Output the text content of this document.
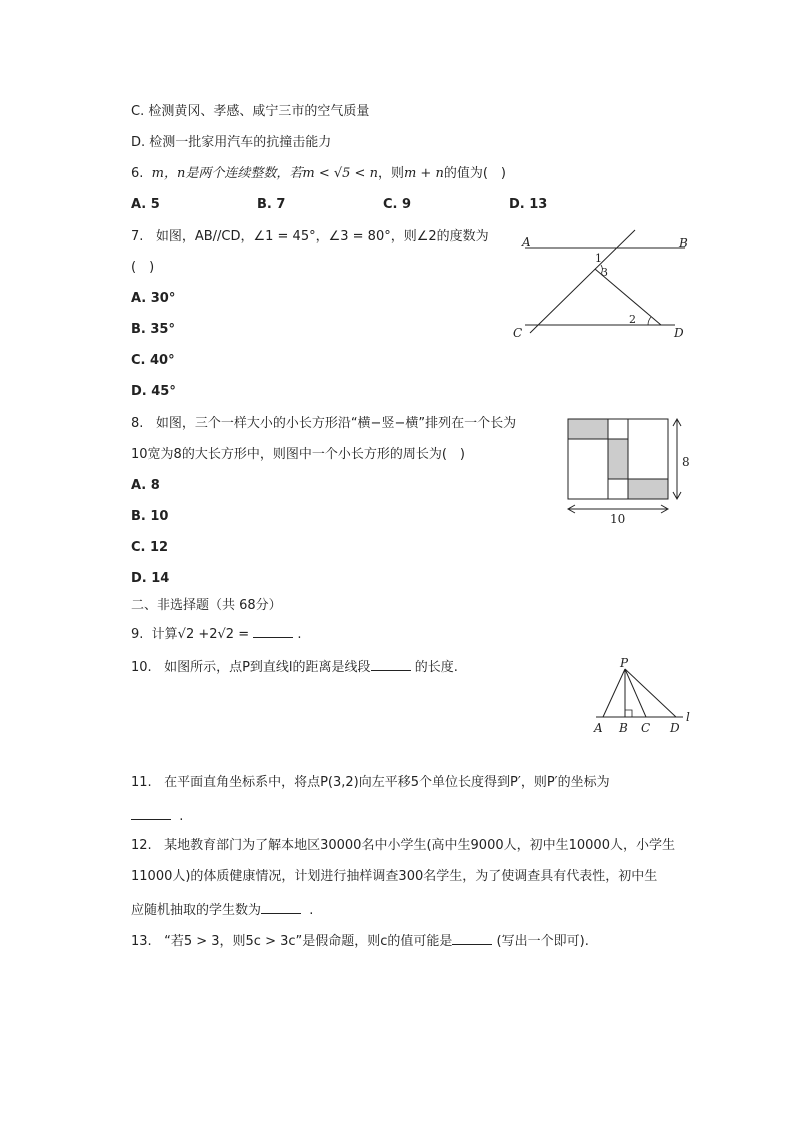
C. 检测黄冈、孝感、咸宁三市的空气质量
D. 检测一批家用汽车的抗撞击能力
6. m，n是两个连续整数，若m < √5 < n，则m + n的值为(　)
A. 5	B. 7	C. 9	D. 13
7. 如图，AB//CD，∠1 = 45°，∠3 = 80°，则∠2的度数为
(　)
A. 30°
B. 35°
C. 40°
D. 45°
A	B
C	D
1
3
2
8. 如图，三个一样大小的小长方形沿“横−竖−横”排列在一个长为
10宽为8的大长方形中，则图中一个小长方形的周长为(　)
A. 8
B. 10
C. 12
D. 14
8
10
二、非选择题（共 68分）
9. 计算√2 +2√2 =	.
10. 如图所示，点P到直线l的距离是线段	的长度.	P
A B C D
l
11. 在平面直角坐标系中，将点P(3,2)向左平移5个单位长度得到P′，则P′的坐标为
.
12. 某地教育部门为了解本地区30000名中小学生(高中生9000人，初中生10000人，小学生
11000人)的体质健康情况，计划进行抽样调查300名学生，为了使调查具有代表性，初中生
应随机抽取的学生数为	.
13. “若5 > 3，则5c > 3c”是假命题，则c的值可能是	(写出一个即可).
